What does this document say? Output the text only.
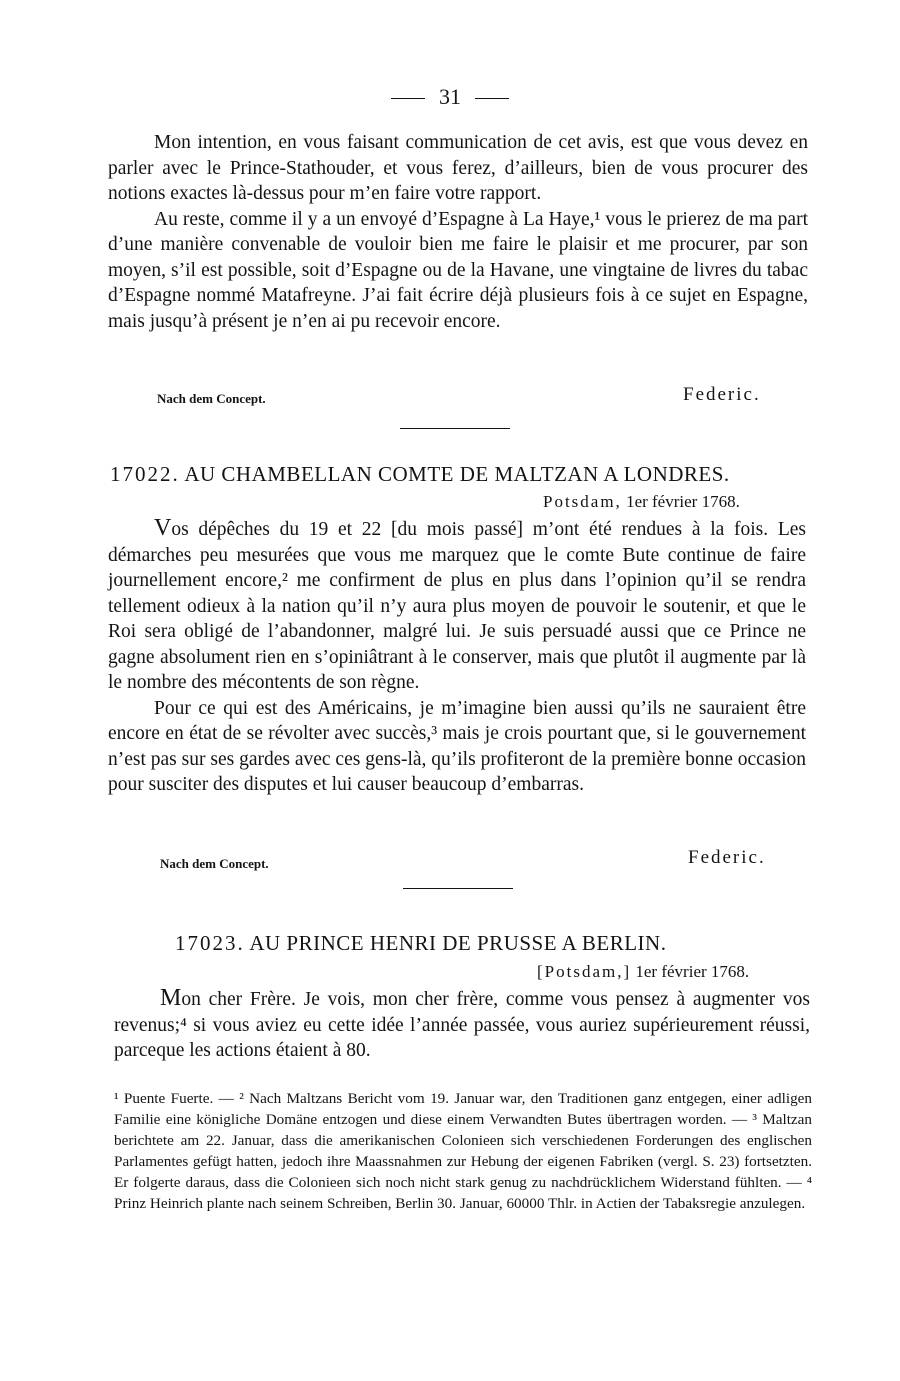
31

Mon intention, en vous faisant communication de cet avis, est que vous devez en parler avec le Prince-Stathouder, et vous ferez, d’ailleurs, bien de vous procurer des notions exactes là-dessus pour m’en faire votre rapport.

Au reste, comme il y a un envoyé d’Espagne à La Haye,¹ vous le prierez de ma part d’une manière convenable de vouloir bien me faire le plaisir et me procurer, par son moyen, s’il est possible, soit d’Espagne ou de la Havane, une vingtaine de livres du tabac d’Espagne nommé Matafreyne. J’ai fait écrire déjà plusieurs fois à ce sujet en Espagne, mais jusqu’à présent je n’en ai pu recevoir encore.

Nach dem Concept.	Federic.
17022. AU CHAMBELLAN COMTE DE MALTZAN A LONDRES.
Potsdam, 1er février 1768.

Vos dépêches du 19 et 22 [du mois passé] m’ont été rendues à la fois. Les démarches peu mesurées que vous me marquez que le comte Bute continue de faire journellement encore,² me confirment de plus en plus dans l’opinion qu’il se rendra tellement odieux à la nation qu’il n’y aura plus moyen de pouvoir le soutenir, et que le Roi sera obligé de l’abandonner, malgré lui. Je suis persuadé aussi que ce Prince ne gagne absolument rien en s’opiniâtrant à le conserver, mais que plutôt il augmente par là le nombre des mécontents de son règne.

Pour ce qui est des Américains, je m’imagine bien aussi qu’ils ne sauraient être encore en état de se révolter avec succès,³ mais je crois pourtant que, si le gouvernement n’est pas sur ses gardes avec ces gens-là, qu’ils profiteront de la première bonne occasion pour susciter des disputes et lui causer beaucoup d’embarras.

Nach dem Concept.	Federic.
17023. AU PRINCE HENRI DE PRUSSE A BERLIN.
[Potsdam,] 1er février 1768.

Mon cher Frère. Je vois, mon cher frère, comme vous pensez à augmenter vos revenus;⁴ si vous aviez eu cette idée l’année passée, vous auriez supérieurement réussi, parceque les actions étaient à 80.

¹ Puente Fuerte. — ² Nach Maltzans Bericht vom 19. Januar war, den Traditionen ganz entgegen, einer adligen Familie eine königliche Domäne entzogen und diese einem Verwandten Butes übertragen worden. — ³ Maltzan berichtete am 22. Januar, dass die amerikanischen Colonieen sich verschiedenen Forderungen des englischen Parlamentes gefügt hatten, jedoch ihre Maassnahmen zur Hebung der eigenen Fabriken (vergl. S. 23) fortsetzten. Er folgerte daraus, dass die Colonieen sich noch nicht stark genug zu nachdrücklichem Widerstand fühlten. — ⁴ Prinz Heinrich plante nach seinem Schreiben, Berlin 30. Januar, 60000 Thlr. in Actien der Tabaksregie anzulegen.
